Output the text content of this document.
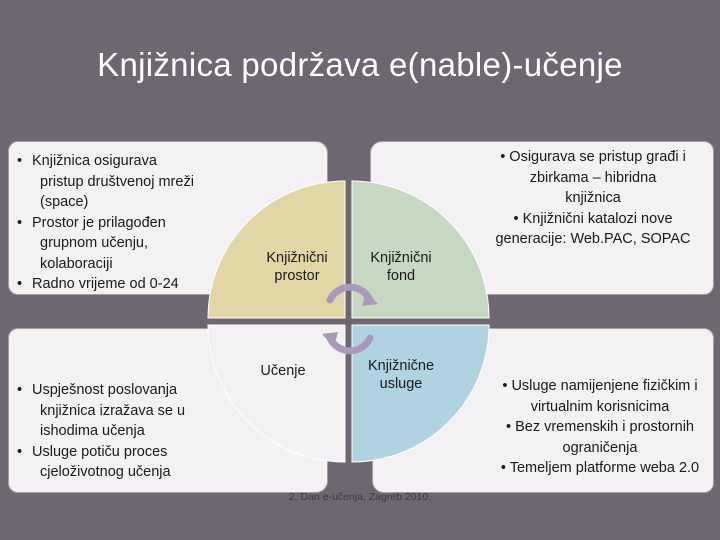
Knjižnica podržava e(nable)-učenje
Knjižnični
prostor
Knjižnični
fond
Učenje	Knjižnične
usluge
• Knjižnica osigurava
pristup društvenoj mreži
(space)
• Prostor je prilagođen
grupnom učenju,
kolaboraciji
• Radno vrijeme od 0-24
• Osigurava se pristup građi i
zbirkama – hibridna
knjižnica
• Knjižnični katalozi nove
generacije: Web.PAC, SOPAC
• Uspješnost poslovanja
knjižnica izražava se u
ishodima učenja
• Usluge potiču proces
cjeloživotnog učenja
• Usluge namijenjene fizičkim i
virtualnim korisnicima
• Bez vremenskih i prostornih
ograničenja
• Temeljem platforme weba 2.0
2. Dan e-učenja, Zagreb 2010.
